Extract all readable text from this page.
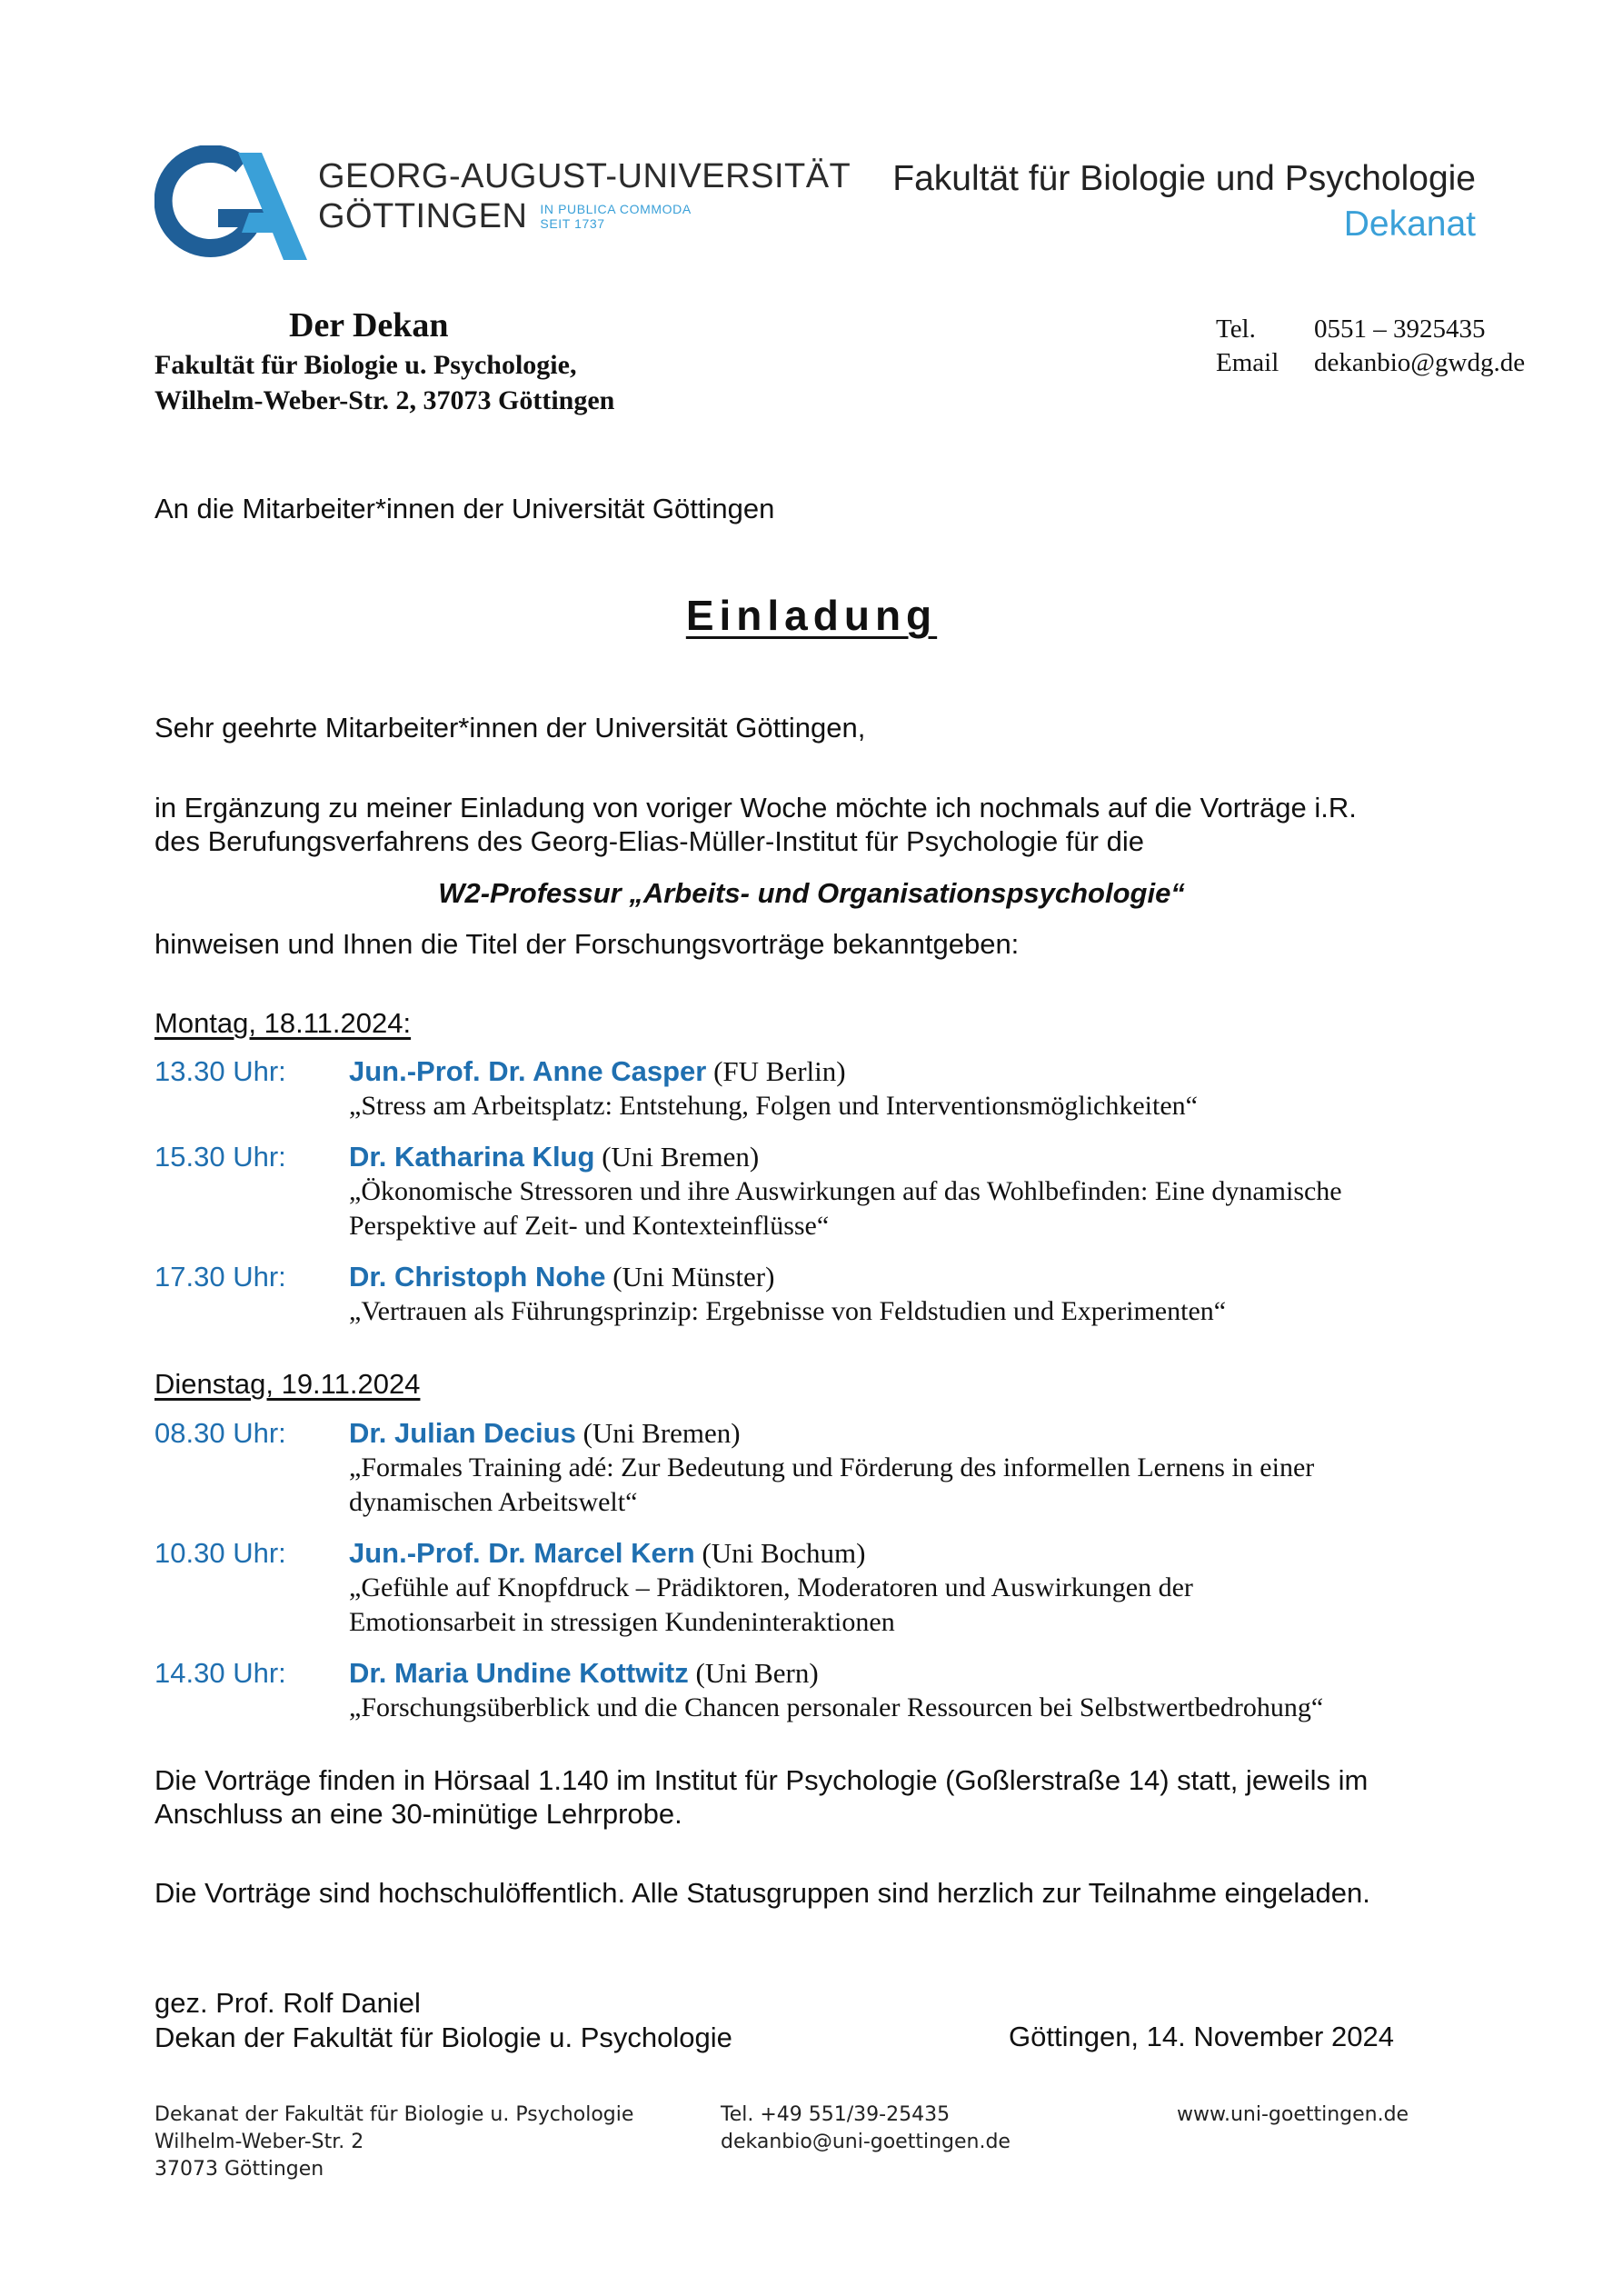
GEORG-AUGUST-UNIVERSITÄT
GÖTTINGEN IN PUBLICA COMMODA
SEIT 1737
Fakultät für Biologie und Psychologie
Dekanat
Der Dekan
Fakultät für Biologie u. Psychologie,
Wilhelm-Weber-Str. 2, 37073 Göttingen
Tel.	0551 – 3925435
Email	dekanbio@gwdg.de
An die Mitarbeiter*innen der Universität Göttingen
Einladung
Sehr geehrte Mitarbeiter*innen der Universität Göttingen,
in Ergänzung zu meiner Einladung von voriger Woche möchte ich nochmals auf die Vorträge i.R.
des Berufungsverfahrens des Georg-Elias-Müller-Institut für Psychologie für die
W2-Professur „Arbeits- und Organisationspsychologie“
hinweisen und Ihnen die Titel der Forschungsvorträge bekanntgeben:
Montag, 18.11.2024:
13.30 Uhr:	Jun.-Prof. Dr. Anne Casper (FU Berlin)
„Stress am Arbeitsplatz: Entstehung, Folgen und Interventionsmöglichkeiten“
15.30 Uhr:	Dr. Katharina Klug (Uni Bremen)
„Ökonomische Stressoren und ihre Auswirkungen auf das Wohlbefinden: Eine dynamische
Perspektive auf Zeit- und Kontexteinflüsse“
17.30 Uhr:	Dr. Christoph Nohe (Uni Münster)
„Vertrauen als Führungsprinzip: Ergebnisse von Feldstudien und Experimenten“
Dienstag, 19.11.2024
08.30 Uhr:	Dr. Julian Decius (Uni Bremen)
„Formales Training adé: Zur Bedeutung und Förderung des informellen Lernens in einer
dynamischen Arbeitswelt“
10.30 Uhr:	Jun.-Prof. Dr. Marcel Kern (Uni Bochum)
„Gefühle auf Knopfdruck – Prädiktoren, Moderatoren und Auswirkungen der
Emotionsarbeit in stressigen Kundeninteraktionen
14.30 Uhr:	Dr. Maria Undine Kottwitz (Uni Bern)
„Forschungsüberblick und die Chancen personaler Ressourcen bei Selbstwertbedrohung“
Die Vorträge finden in Hörsaal 1.140 im Institut für Psychologie (Goßlerstraße 14) statt, jeweils im
Anschluss an eine 30-minütige Lehrprobe.
Die Vorträge sind hochschulöffentlich. Alle Statusgruppen sind herzlich zur Teilnahme eingeladen.
gez. Prof. Rolf Daniel
Dekan der Fakultät für Biologie u. Psychologie	Göttingen, 14. November 2024
Dekanat der Fakultät für Biologie u. Psychologie
Wilhelm-Weber-Str. 2
37073 Göttingen
Tel. +49 551/39-25435
dekanbio@uni-goettingen.de
www.uni-goettingen.de
